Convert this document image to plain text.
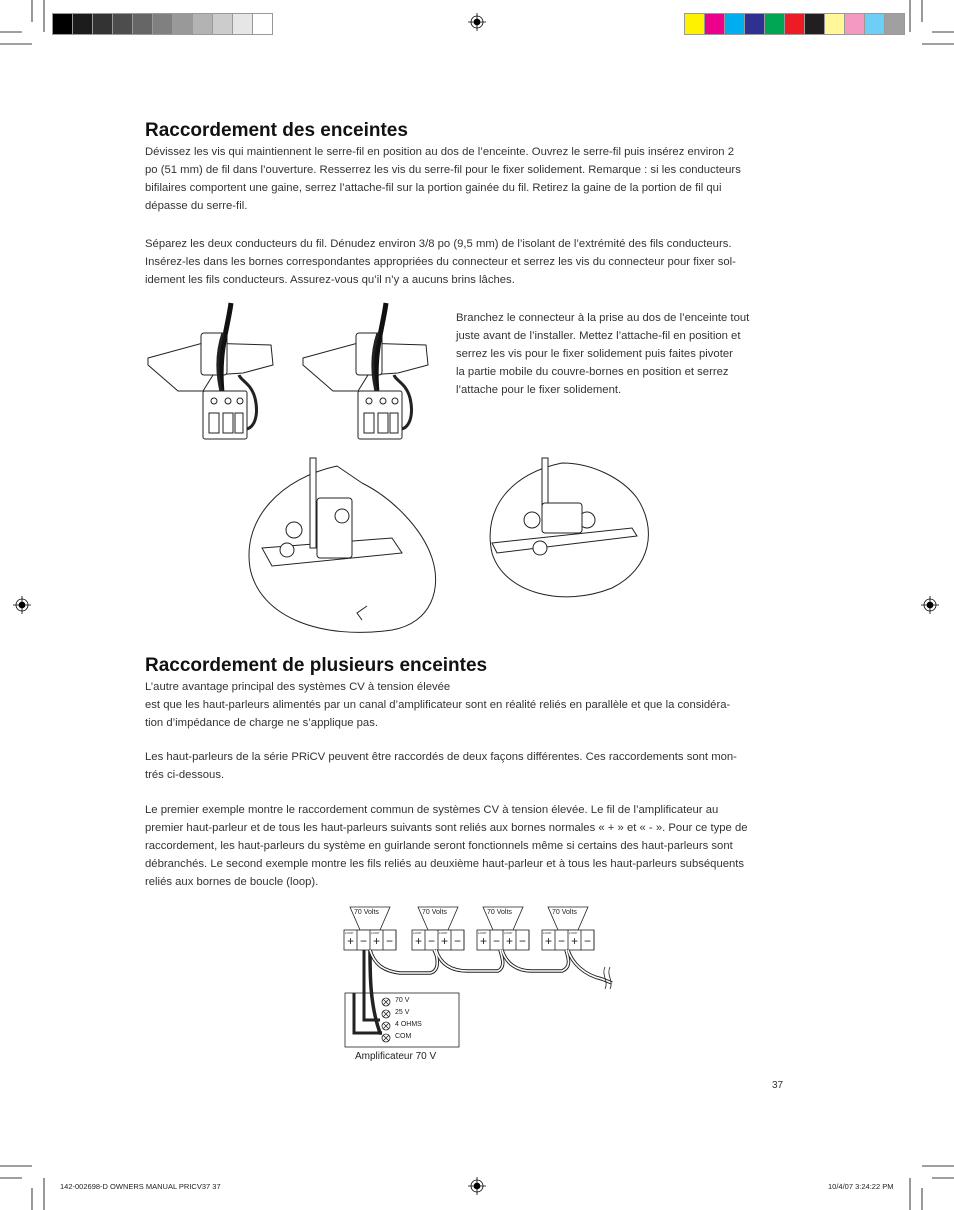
Raccordement des enceintes

Dévissez les vis qui maintiennent le serre-fil en position au dos de l’enceinte. Ouvrez le serre-fil puis insérez environ 2
po (51 mm) de fil dans l’ouverture. Resserrez les vis du serre-fil pour le fixer solidement. Remarque : si les conducteurs
bifilaires comportent une gaine, serrez l’attache-fil sur la portion gainée du fil. Retirez la gaine de la portion de fil qui
dépasse du serre-fil.

Séparez les deux conducteurs du fil. Dénudez environ 3/8 po (9,5 mm) de l’isolant de l’extrémité des fils conducteurs.
Insérez-les dans les bornes correspondantes appropriées du connecteur et serrez les vis du connecteur pour fixer sol-
idement les fils conducteurs. Assurez-vous qu’il n’y a aucuns brins lâches.

Branchez le connecteur à la prise au dos de l’enceinte tout
juste avant de l’installer. Mettez l’attache-fil en position et
serrez les vis pour le fixer solidement puis faites pivoter
la partie mobile du couvre-bornes en position et serrez
l’attache pour le fixer solidement.

Raccordement de plusieurs enceintes

L’autre avantage principal des systèmes CV à tension élevée
est que les haut-parleurs alimentés par un canal d’amplificateur sont en réalité reliés en parallèle et que la considéra-
tion d’impédance de charge ne s’applique pas.

Les haut-parleurs de la série PRiCV peuvent être raccordés de deux façons différentes. Ces raccordements sont mon-
trés ci-dessous.

Le premier exemple montre le raccordement commun de systèmes CV à tension élevée. Le fil de l’amplificateur au
premier haut-parleur et de tous les haut-parleurs suivants sont reliés aux bornes normales « + » et « - ». Pour ce type de
raccordement, les haut-parleurs du système en guirlande seront fonctionnels même si certains des haut-parleurs sont
débranchés. Le second exemple montre les fils reliés au deuxième haut-parleur et à tous les haut-parleurs subséquents
reliés aux bornes de boucle (loop).

70 Volts
+ − + −
LOOP	LOOP
70 Volts
+ − + −
LOOP	LOOP
70 Volts
+ − + −
LOOP	LOOP
70 Volts
+ − + −
LOOP	LOOP
70 V
25 V
4 OHMS
COM
Amplificateur 70 V
37
142-002698-D OWNERS MANUAL PRICV37 37	10/4/07 3:24:22 PM
